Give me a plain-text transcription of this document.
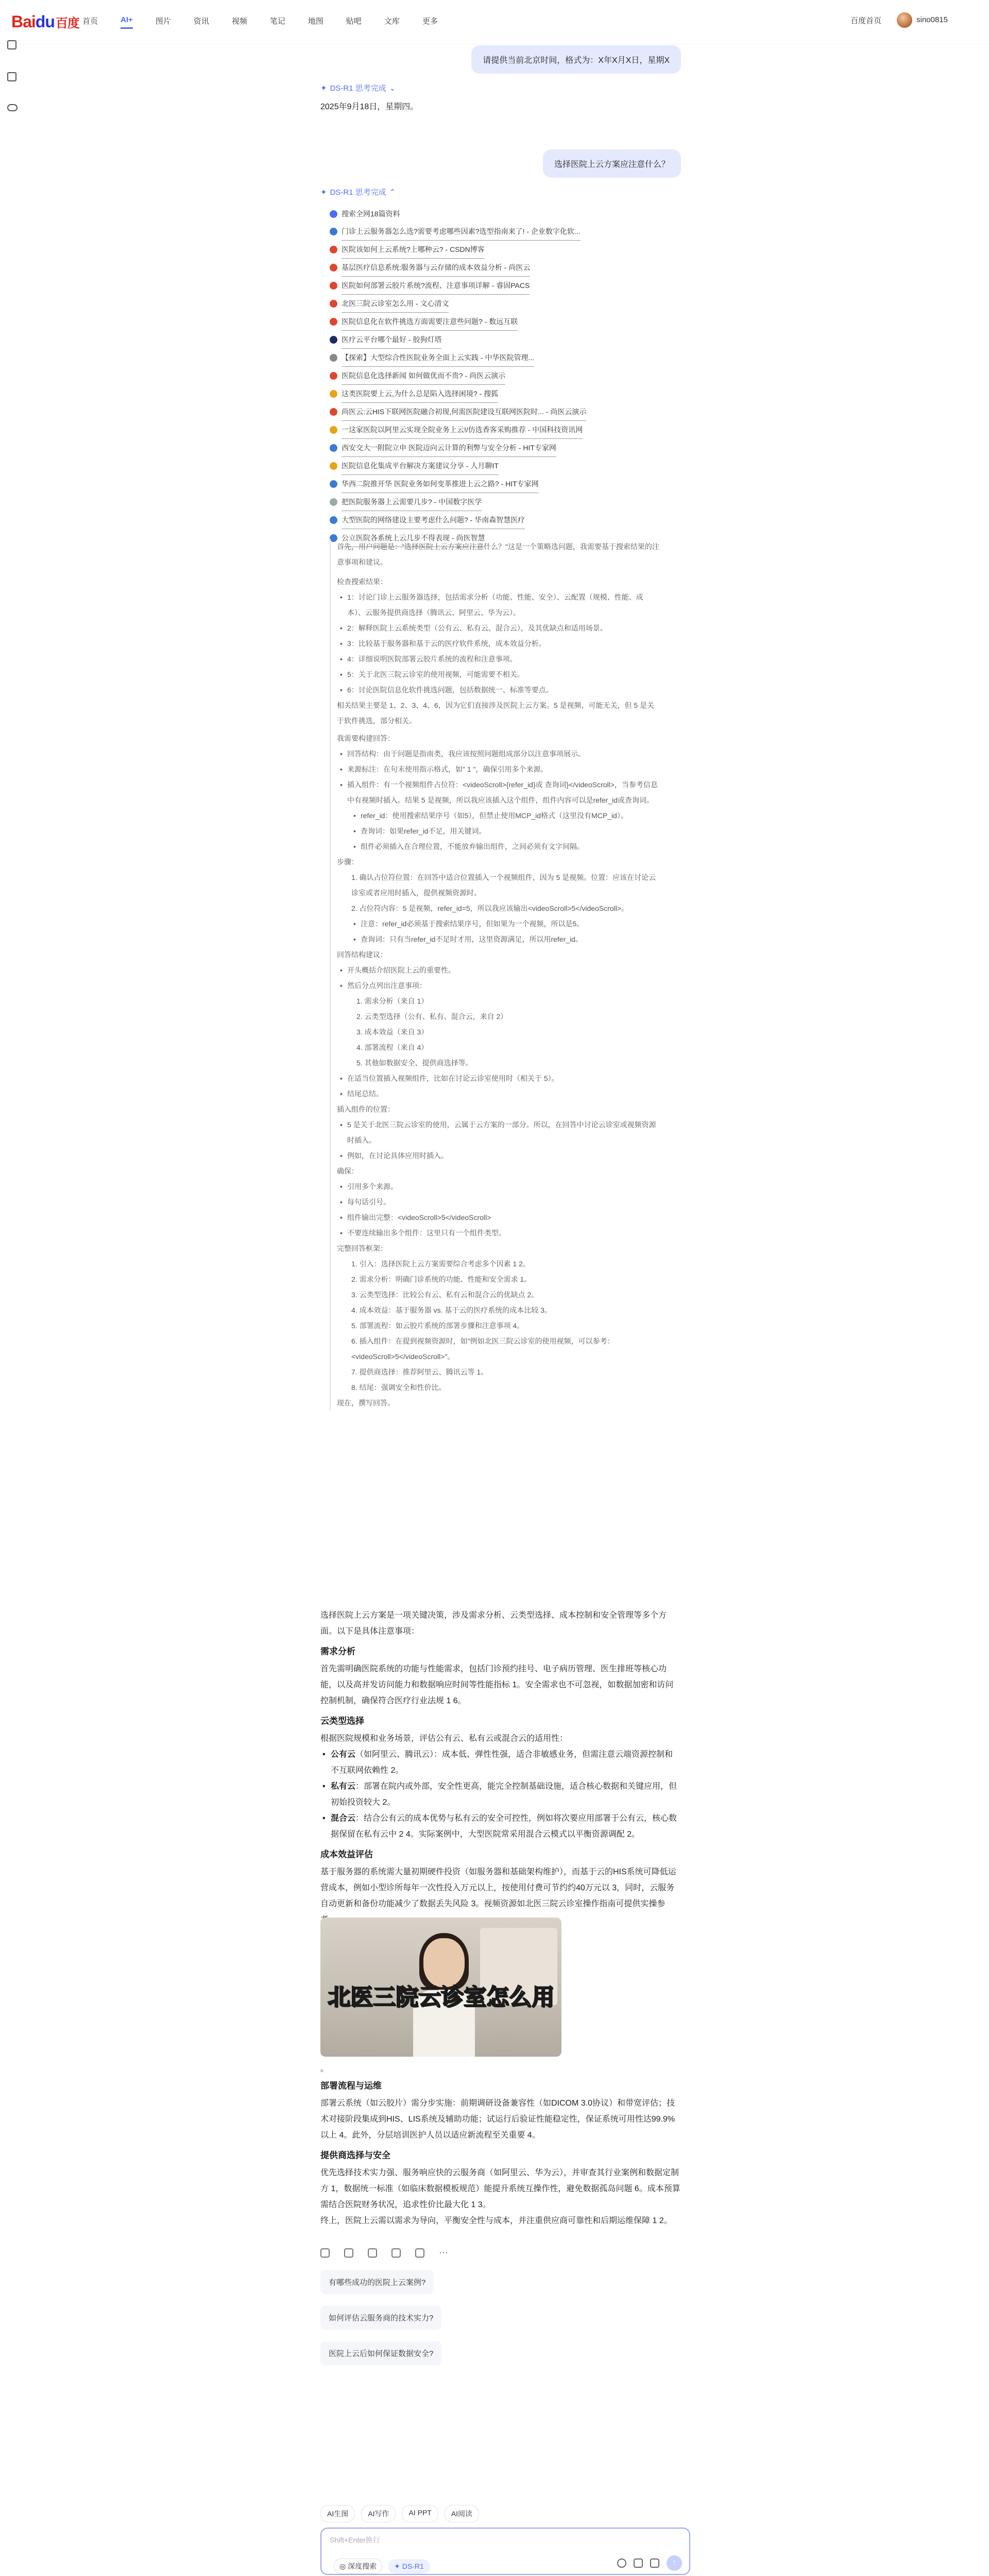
Bai du 百度 首页	AI+	图片	资讯	视频	笔记	地图	贴吧	文库	更多	百度首页	sino0815
请提供当前北京时间，格式为：X年X月X日，星期X
✦ DS-R1 思考完成 ⌄
2025年9月18日，星期四。
选择医院上云方案应注意什么？
✦ DS-R1 思考完成 ⌃
搜索全网18篇资料
门诊上云服务器怎么选?需要考虑哪些因素?选型指南来了! - 企业数字化软...
医院该如何上云系统?上哪种云? - CSDN博客
基层医疗信息系统:服务器与云存储的成本效益分析 - 尚医云
医院如何部署云胶片系统?流程、注意事项详解 - 睿固PACS
北医三院云诊室怎么用 - 文心清文
医院信息化在软件挑选方面需要注意些问题? - 数远互联
医疗云平台哪个最好 - 胶狗灯塔
【探索】大型综合性医院业务全面上云实践 - 中华医院管理...
医院信息化选择新闻 如何做优而不贵? - 尚医云演示
这类医院要上云,为什么总是陷入选择困境? - 搜狐
尚医云:云HIS下联网医院融合初现,何需医院建设互联网医院时... - 尚医云演示
一这家医院以阿里云实现全院业务上云!/仿选香客采购推荐 - 中国科技资讯网
西安交大一附院立申 医院迈向云计算的利弊与安全分析 - HIT专家网
医院信息化集成平台解决方案建议分享 - 人月聊IT
华西二院推开华 医院业务如何变革推进上云之路? - HIT专家网
把医院服务器上云需要几步? - 中国数字医学
大型医院的网络建设主要考虑什么问题? - 华南森智慧医疗
公立医院各系统上云几步不得表现 - 尚医智慧
首先，用户问题是："选择医院上云方案应注意什么？"这是一个策略选问题，我需要基于搜索结果的注意事项和建议。
检查搜索结果：
• 1：讨论门诊上云服务器选择，包括需求分析（功能、性能、安全）、云配置（规模、性能、成本）、云服务提供商选择（腾讯云、阿里云、华为云）。
• 2：解释医院上云系统类型（公有云、私有云、混合云），及其优缺点和适用场景。
• 3：比较基于服务器和基于云的医疗软件系统，成本效益分析。
• 4：详细说明医院部署云胶片系统的流程和注意事项。
• 5：关于北医三院云诊室的使用视频，可能需要不相关。
• 6：讨论医院信息化软件挑选问题，包括数据统一、标准等要点。
相关结果主要是 1、2、3、4、6，因为它们直接涉及医院上云方案。5 是视频，可能无关，但 5 是关于软件挑选，部分相关。
我需要构建回答：
• 回答结构：由于问题是指南类，我应该按照问题组成部分以注意事项展示。
• 来源标注：在句末使用指示格式，如" 1 "，确保引用多个来源。
• 插入组件：有一个视频组件占位符：<videoScroll>{refer_id}或 查询词}</videoScroll>，当参考信息中有视频时插入。结果 5 是视频，所以我应该插入这个组件，组件内容可以是refer_id或查询词。
• refer_id：使用搜索结果序号（如5），但禁止使用MCP_id格式（这里没有MCP_id）。
• 查询词：如果refer_id不足，用关键词。
• 组件必须插入在合理位置，不能放弃输出组件，之间必须有文字间隔。
步骤：
1. 确认占位符位置：在回答中适合位置插入一个视频组件，因为 5 是视频。位置：应该在讨论云诊室或者应用时插入，提供视频资源时。
2. 占位符内容：5 是视频，refer_id=5，所以我应该输出<videoScroll>5</videoScroll>。
• 注意：refer_id必须基于搜索结果序号，但如果为一个视频，所以是5。
• 查询词：只有当refer_id不足时才用，这里资源满足，所以用refer_id。
回答结构建议：
• 开头概括介绍医院上云的重要性。
• 然后分点列出注意事项：
1. 需求分析（来自 1）
2. 云类型选择（公有、私有、混合云，来自 2）
3. 成本效益（来自 3）
4. 部署流程（来自 4）
5. 其他如数据安全、提供商选择等。
• 在适当位置插入视频组件，比如在讨论云诊室使用时（相关于 5）。
• 结尾总结。
插入组件的位置：
• 5 是关于北医三院云诊室的使用，云属于云方案的一部分。所以，在回答中讨论云诊室或视频资源时插入。
• 例如，在讨论具体应用时插入。
确保：
• 引用多个来源。
• 每句话引号。
• 组件输出完整：<videoScroll>5</videoScroll>
• 不要连续输出多个组件：这里只有一个组件类型。
完整回答框架：
1. 引入：选择医院上云方案需要综合考虑多个因素 1 2。
2. 需求分析：明确门诊系统的功能、性能和安全需求 1。
3. 云类型选择：比较公有云、私有云和混合云的优缺点 2。
4. 成本效益：基于服务器 vs. 基于云的医疗系统的成本比较 3。
5. 部署流程：如云胶片系统的部署步骤和注意事项 4。
6. 插入组件：在提到视频资源时，如"例如北医三院云诊室的使用视频，可以参考：<videoScroll>5</videoScroll>"。
7. 提供商选择：推荐阿里云、腾讯云等 1。
8. 结尾：强调安全和性价比。
现在，撰写回答。
选择医院上云方案是一项关键决策，涉及需求分析、云类型选择、成本控制和安全管理等多个方面。以下是具体注意事项：
需求分析
首先需明确医院系统的功能与性能需求，包括门诊预约挂号、电子病历管理、医生排班等核心功能，以及高并发访问能力和数据响应时间等性能指标 1。安全需求也不可忽视，如数据加密和访问控制机制，确保符合医疗行业法规 1 6。
云类型选择
根据医院规模和业务场景，评估公有云、私有云或混合云的适用性：
• 公有云（如阿里云、腾讯云）：成本低、弹性性强，适合非敏感业务，但需注意云端资源控制和不互联网依赖性 2。
• 私有云：部署在院内或外部，安全性更高，能完全控制基础设施，适合核心数据和关键应用，但初始投资较大 2。
• 混合云：结合公有云的成本优势与私有云的安全可控性，例如将次要应用部署于公有云，核心数据保留在私有云中 2 4。实际案例中，大型医院常采用混合云模式以平衡资源调配 2。
成本效益评估
基于服务器的系统需大量初期硬件投资（如服务器和基础架构维护），而基于云的HIS系统可降低运营成本，例如小型诊所每年一次性投入万元以上，按使用付费可节约约40万元以 3，同时，云服务自动更新和备份功能减少了数据丢失风险 3。视频资源如北医三院云诊室操作指南可提供实操参
北医三院云诊室怎么用
。
部署流程与运维
部署云系统（如云胶片）需分步实施：前期调研设备兼容性（如DICOM 3.0协议）和带宽评估；技术对接阶段集成到HIS、LIS系统及辅助功能；试运行后验证性能稳定性，保证系统可用性达99.9%以上 4。此外，分层培训医护人员以适应新流程至关重要 4。
提供商选择与安全
优先选择技术实力强、服务响应快的云服务商（如阿里云、华为云），并审查其行业案例和数据定制方 1，数据统一标准（如临床数据模板规范）能提升系统互操作性，避免数据孤岛问题 6。成本预算需结合医院财务状况，追求性价比最大化 1 3。
终上，医院上云需以需求为导向，平衡安全性与成本，并注重供应商可靠性和后期运维保障 1 2。
⋯
有哪些成功的医院上云案例?
如何评估云服务商的技术实力?
医院上云后如何保证数据安全?
AI生图	AI写作	AI PPT	AI阅读
Shift+Enter换行
◎ 深度搜索	✦ DS-R1	↑
